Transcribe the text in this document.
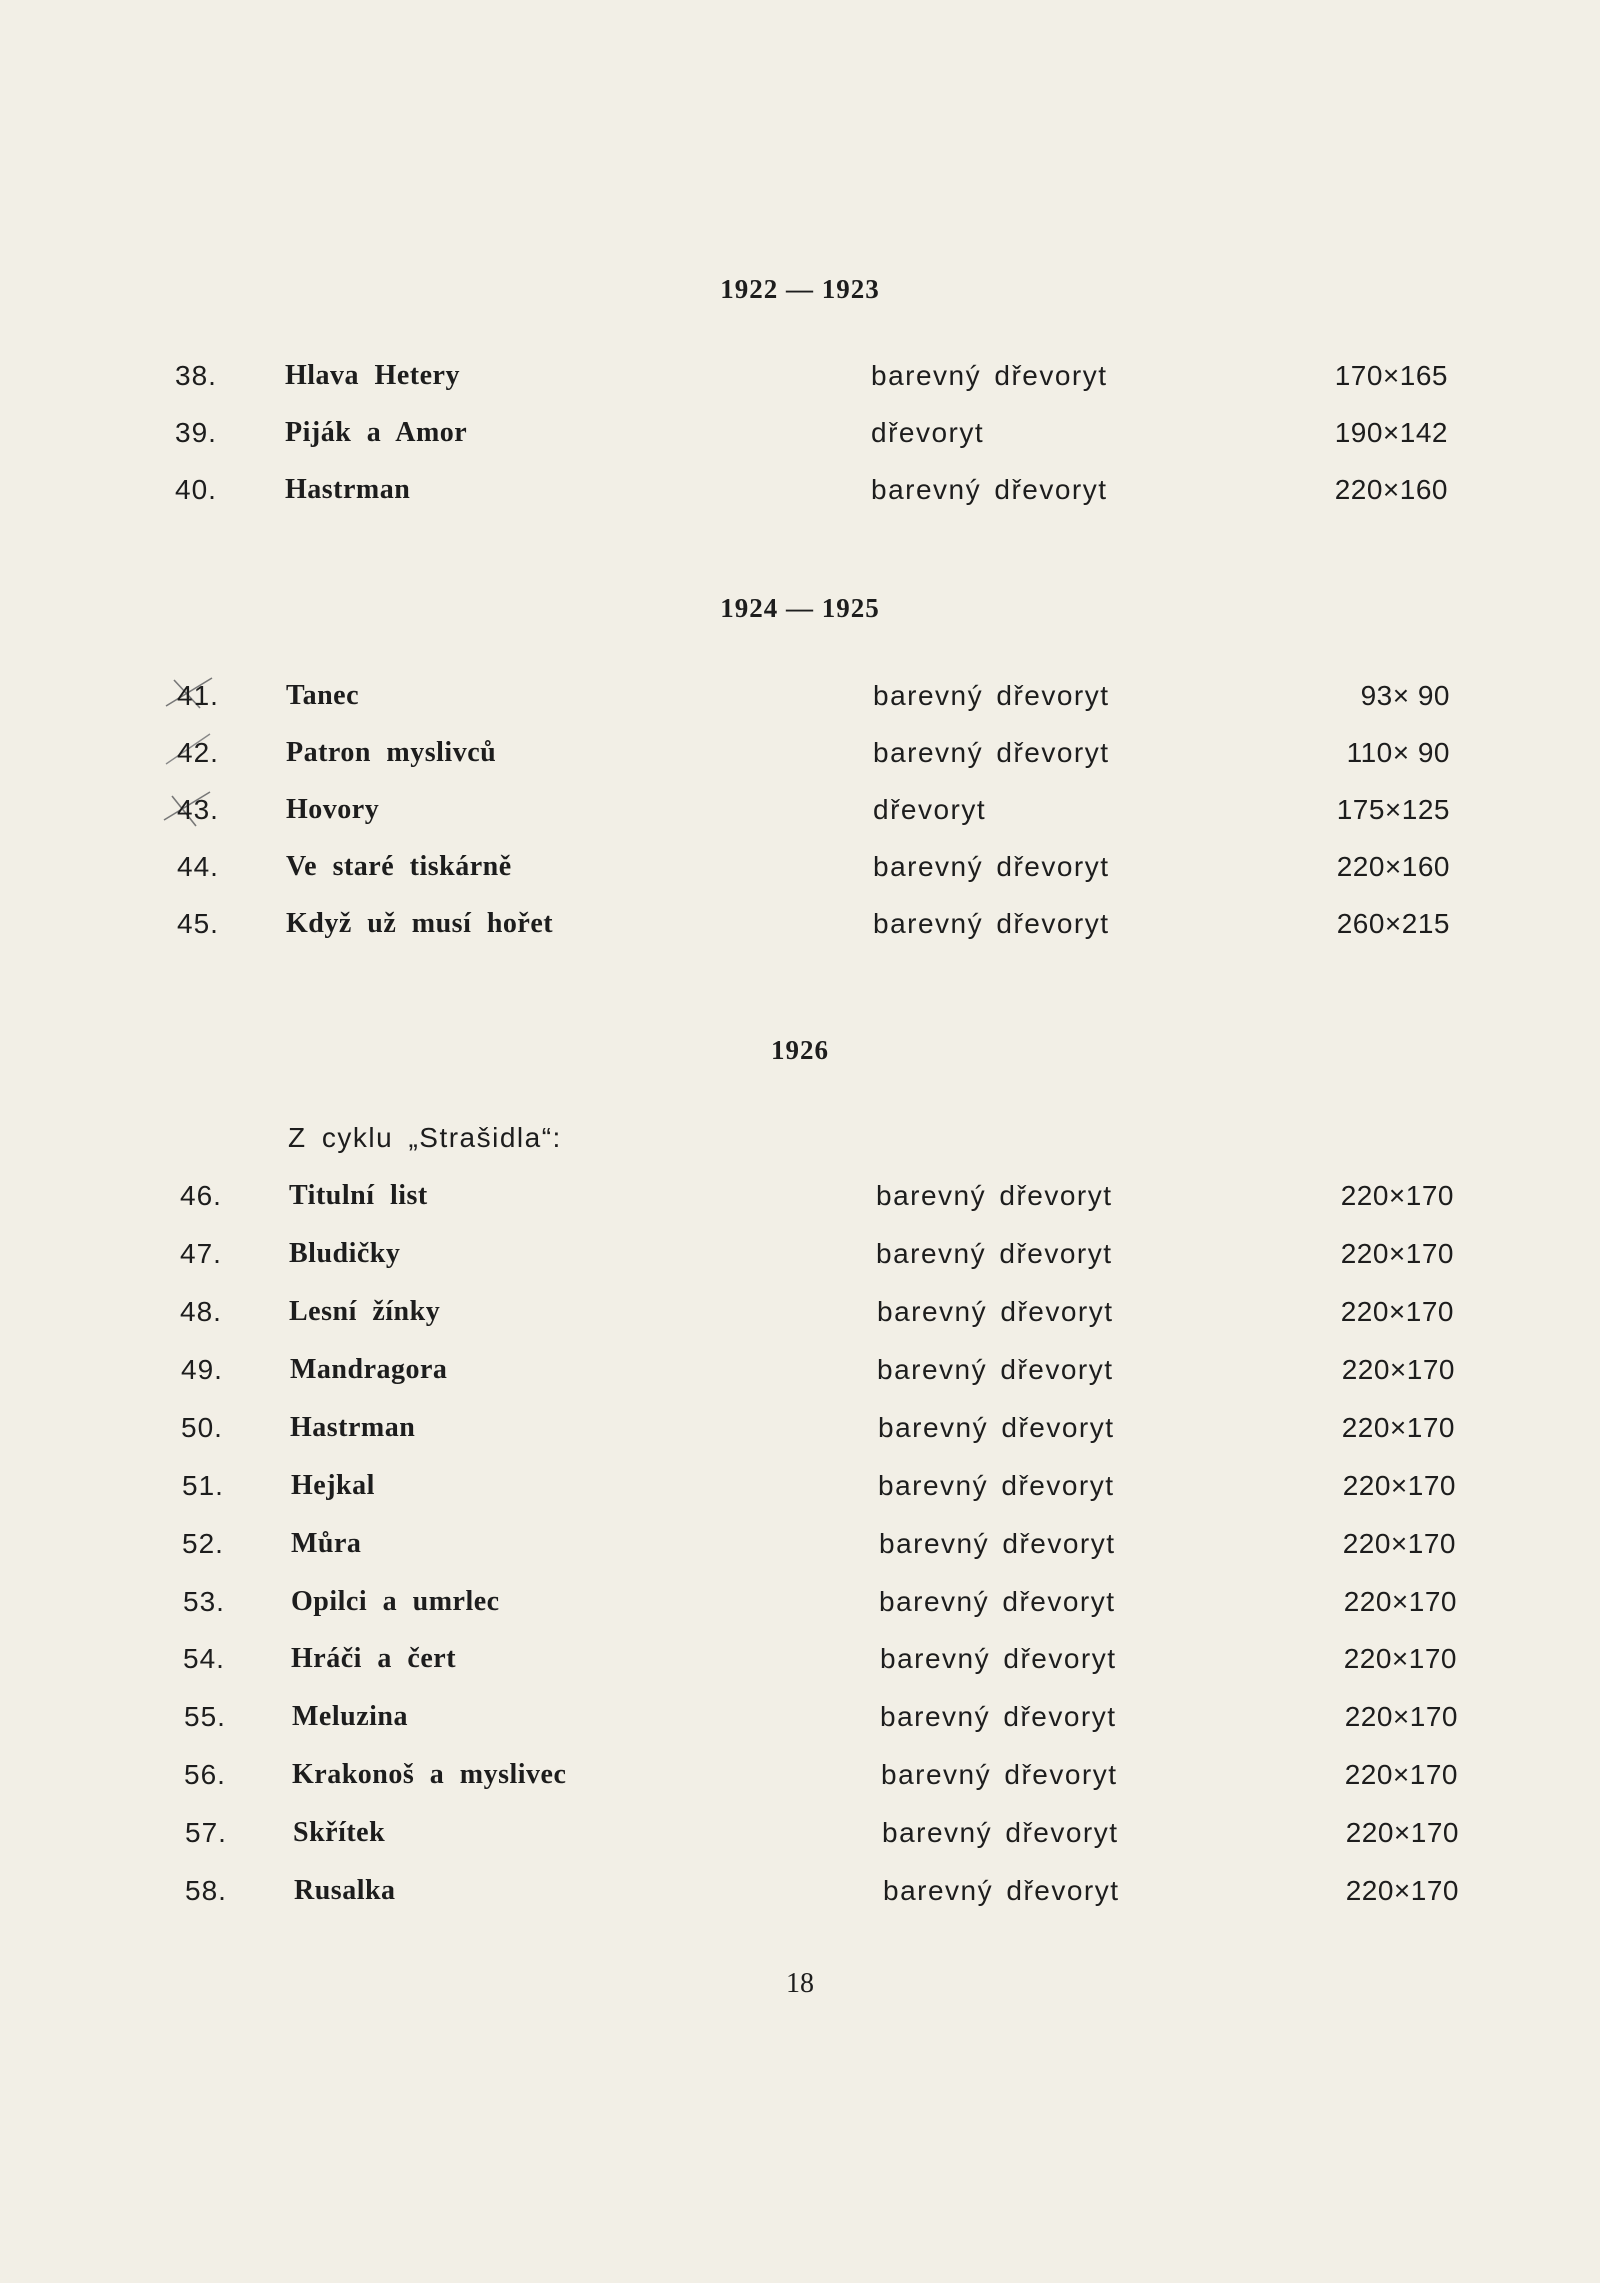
1922 — 1923
38. Hlava Hetery	barevný dřevoryt	170×165
39. Piják a Amor	dřevoryt	190×142
40. Hastrman	barevný dřevoryt	220×160
1924 — 1925
41. Tanec	barevný dřevoryt	93× 90
42. Patron myslivců	barevný dřevoryt	110× 90
43. Hovory	dřevoryt	175×125
44. Ve staré tiskárně	barevný dřevoryt	220×160
45. Když už musí hořet	barevný dřevoryt	260×215
1926
Z cyklu „Strašidla“:
46. Titulní list	barevný dřevoryt	220×170
47. Bludičky	barevný dřevoryt	220×170
48. Lesní žínky	barevný dřevoryt	220×170
49. Mandragora	barevný dřevoryt	220×170
50. Hastrman	barevný dřevoryt	220×170
51. Hejkal	barevný dřevoryt	220×170
52. Můra	barevný dřevoryt	220×170
53. Opilci a umrlec	barevný dřevoryt	220×170
54. Hráči a čert	barevný dřevoryt	220×170
55. Meluzina	barevný dřevoryt	220×170
56. Krakonoš a myslivec	barevný dřevoryt	220×170
57. Skřítek	barevný dřevoryt	220×170
58. Rusalka	barevný dřevoryt	220×170
18
